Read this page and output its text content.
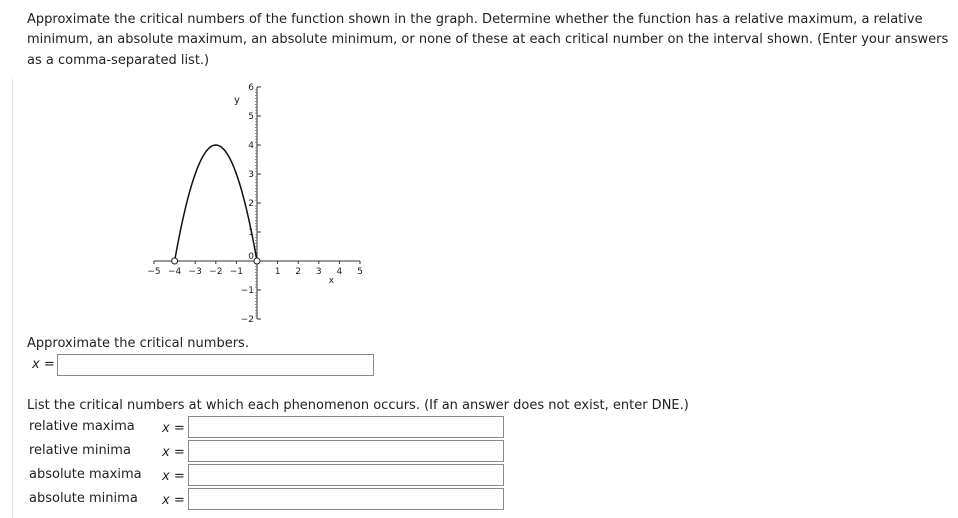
Approximate the critical numbers of the function shown in the graph. Determine whether the function has a relative maximum, a relative minimum, an absolute maximum, an absolute minimum, or none of these at each critical number on the interval shown. (Enter your answers as a comma-separated list.)
−5 −4 −3 −2 −1	1 2 3 4 5
0
−2
−1
1
2
3
4
5
6
x
y
Approximate the critical numbers.
x =
List the critical numbers at which each phenomenon occurs. (If an answer does not exist, enter DNE.)
relative maxima x =
relative minima x =
absolute maxima x =
absolute minima x =
